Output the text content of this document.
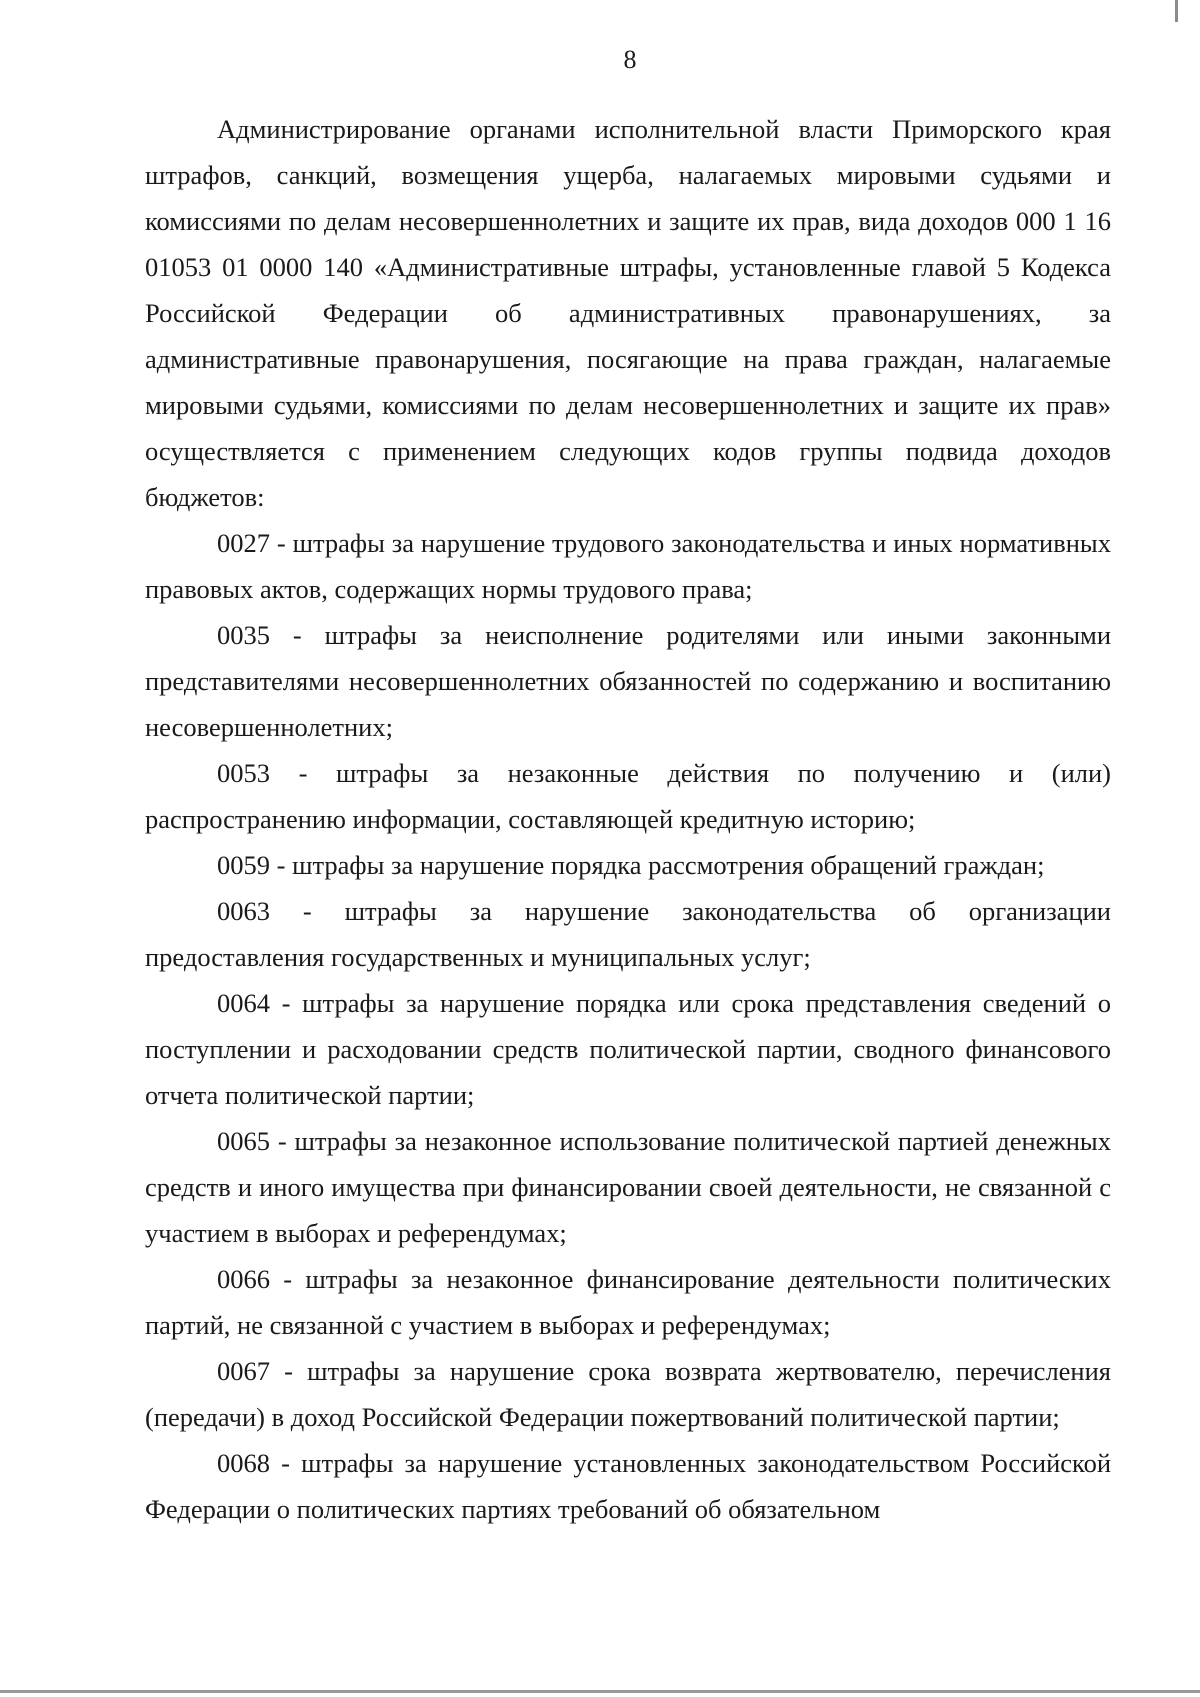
8

Администрирование органами исполнительной власти Приморского края штрафов, санкций, возмещения ущерба, налагаемых мировыми судьями и комиссиями по делам несовершеннолетних и защите их прав, вида доходов 000 1 16 01053 01 0000 140 «Административные штрафы, установленные главой 5 Кодекса Российской Федерации об административных правонарушениях, за административные правонарушения, посягающие на права граждан, налагаемые мировыми судьями, комиссиями по делам несовершеннолетних и защите их прав» осуществляется с применением следующих кодов группы подвида доходов бюджетов:

0027 - штрафы за нарушение трудового законодательства и иных нормативных правовых актов, содержащих нормы трудового права;

0035 - штрафы за неисполнение родителями или иными законными представителями несовершеннолетних обязанностей по содержанию и воспитанию несовершеннолетних;

0053 - штрафы за незаконные действия по получению и (или) распространению информации, составляющей кредитную историю;

0059 - штрафы за нарушение порядка рассмотрения обращений граждан;

0063 - штрафы за нарушение законодательства об организации предоставления государственных и муниципальных услуг;

0064 - штрафы за нарушение порядка или срока представления сведений о поступлении и расходовании средств политической партии, сводного финансового отчета политической партии;

0065 - штрафы за незаконное использование политической партией денежных средств и иного имущества при финансировании своей деятельности, не связанной с участием в выборах и референдумах;

0066 - штрафы за незаконное финансирование деятельности политических партий, не связанной с участием в выборах и референдумах;

0067 - штрафы за нарушение срока возврата жертвователю, перечисления (передачи) в доход Российской Федерации пожертвований политической партии;

0068 - штрафы за нарушение установленных законодательством Российской Федерации о политических партиях требований об обязательном
